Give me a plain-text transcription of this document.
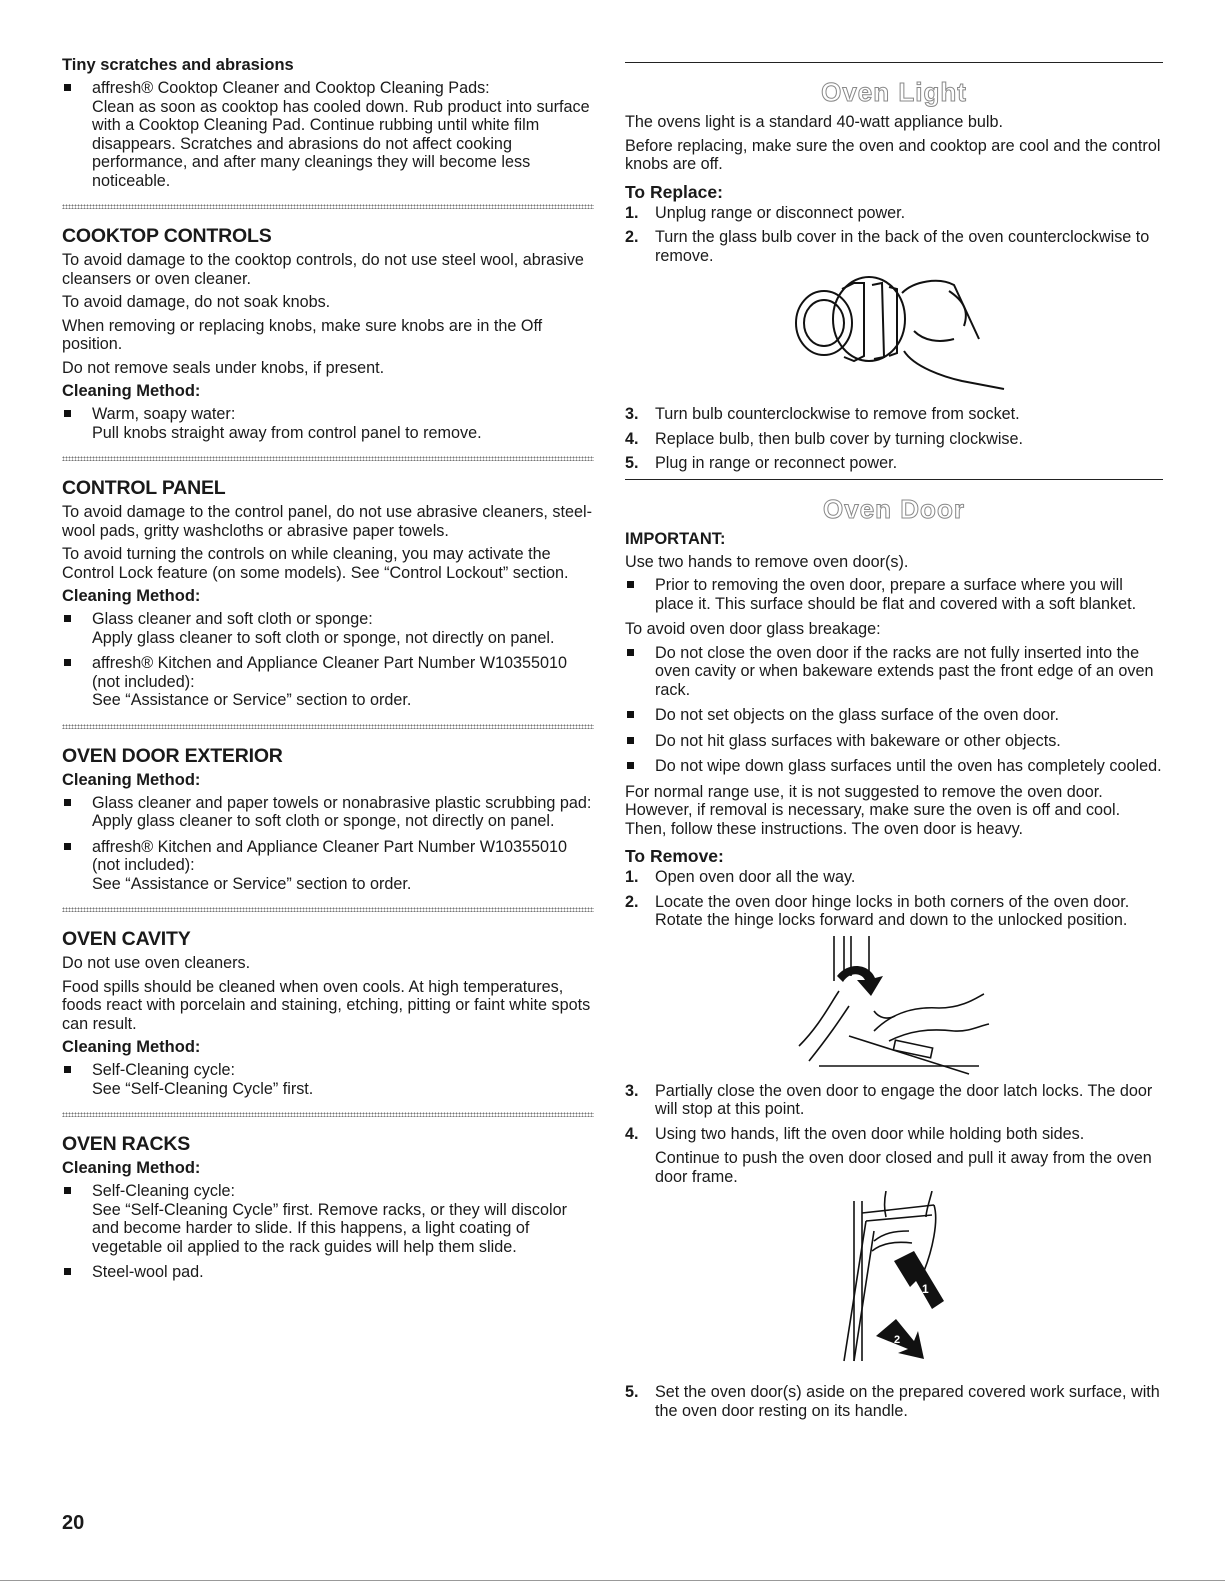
Tiny scratches and abrasions
affresh® Cooktop Cleaner and Cooktop Cleaning Pads:
Clean as soon as cooktop has cooled down. Rub product into surface with a Cooktop Cleaning Pad. Continue rubbing until white film disappears. Scratches and abrasions do not affect cooking performance, and after many cleanings they will become less noticeable.
COOKTOP CONTROLS

To avoid damage to the cooktop controls, do not use steel wool, abrasive cleansers or oven cleaner.

To avoid damage, do not soak knobs.

When removing or replacing knobs, make sure knobs are in the Off position.

Do not remove seals under knobs, if present.

Cleaning Method:
Warm, soapy water:
Pull knobs straight away from control panel to remove.
CONTROL PANEL

To avoid damage to the control panel, do not use abrasive cleaners, steel-wool pads, gritty washcloths or abrasive paper towels.

To avoid turning the controls on while cleaning, you may activate the Control Lock feature (on some models). See “Control Lockout” section.

Cleaning Method:
Glass cleaner and soft cloth or sponge:
Apply glass cleaner to soft cloth or sponge, not directly on panel.
affresh® Kitchen and Appliance Cleaner Part Number W10355010 (not included):
See “Assistance or Service” section to order.
OVEN DOOR EXTERIOR
Cleaning Method:
Glass cleaner and paper towels or nonabrasive plastic scrubbing pad:
Apply glass cleaner to soft cloth or sponge, not directly on panel.
affresh® Kitchen and Appliance Cleaner Part Number W10355010 (not included):
See “Assistance or Service” section to order.
OVEN CAVITY

Do not use oven cleaners.

Food spills should be cleaned when oven cools. At high temperatures, foods react with porcelain and staining, etching, pitting or faint white spots can result.

Cleaning Method:
Self-Cleaning cycle:
See “Self-Cleaning Cycle” first.
OVEN RACKS
Cleaning Method:
Self-Cleaning cycle:
See “Self-Cleaning Cycle” first. Remove racks, or they will discolor and become harder to slide. If this happens, a light coating of vegetable oil applied to the rack guides will help them slide.
Steel-wool pad.
Oven Light

The ovens light is a standard 40-watt appliance bulb.

Before replacing, make sure the oven and cooktop are cool and the control knobs are off.

To Replace:
1. Unplug range or disconnect power.
2. Turn the glass bulb cover in the back of the oven counterclockwise to remove.
3. Turn bulb counterclockwise to remove from socket.
4. Replace bulb, then bulb cover by turning clockwise.
5. Plug in range or reconnect power.
Oven Door
IMPORTANT:

Use two hands to remove oven door(s).

Prior to removing the oven door, prepare a surface where you will place it. This surface should be flat and covered with a soft blanket.

To avoid oven door glass breakage:

Do not close the oven door if the racks are not fully inserted into the oven cavity or when bakeware extends past the front edge of an oven rack.
Do not set objects on the glass surface of the oven door.
Do not hit glass surfaces with bakeware or other objects.
Do not wipe down glass surfaces until the oven has completely cooled.

For normal range use, it is not suggested to remove the oven door. However, if removal is necessary, make sure the oven is off and cool. Then, follow these instructions. The oven door is heavy.

To Remove:
1. Open oven door all the way.
2. Locate the oven door hinge locks in both corners of the oven door. Rotate the hinge locks forward and down to the unlocked position.
3. Partially close the oven door to engage the door latch locks. The door will stop at this point.
4. Using two hands, lift the oven door while holding both sides.

Continue to push the oven door closed and pull it away from the oven door frame.

1
2
5. Set the oven door(s) aside on the prepared covered work surface, with the oven door resting on its handle.
20
